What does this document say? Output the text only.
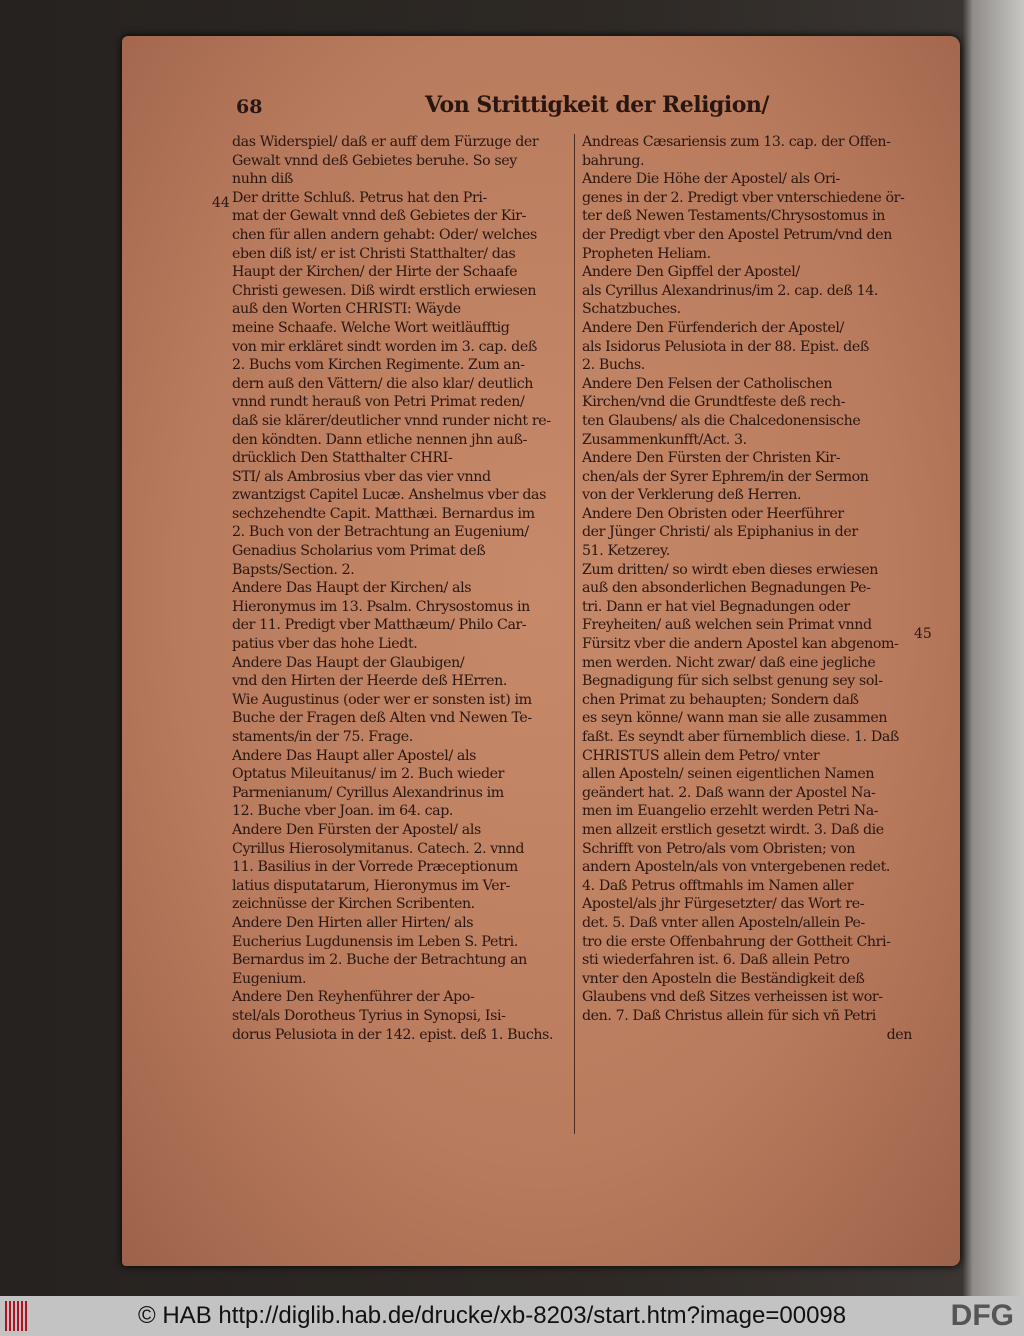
68	Von Strittigkeit der Religion/
44
45
das Widerspiel/ daß er auff dem Fürzuge der
Gewalt vnnd deß Gebietes beruhe. So sey
nuhn diß
Der dritte Schluß. Petrus hat den Pri-
mat der Gewalt vnnd deß Gebietes der Kir-
chen für allen andern gehabt: Oder/ welches
eben diß ist/ er ist Christi Statthalter/ das
Haupt der Kirchen/ der Hirte der Schaafe
Christi gewesen. Diß wirdt erstlich erwiesen
auß den Worten CHRISTI: Wäyde
meine Schaafe. Welche Wort weitläufftig
von mir erkläret sindt worden im 3. cap. deß
2. Buchs vom Kirchen Regimente. Zum an-
dern auß den Vättern/ die also klar/ deutlich
vnnd rundt herauß von Petri Primat reden/
daß sie klärer/deutlicher vnnd runder nicht re-
den köndten. Dann etliche nennen jhn auß-
drücklich Den Statthalter CHRI-
STI/ als Ambrosius vber das vier vnnd
zwantzigst Capitel Lucæ. Anshelmus vber das
sechzehendte Capit. Matthæi. Bernardus im
2. Buch von der Betrachtung an Eugenium/
Genadius Scholarius vom Primat deß
Bapsts/Section. 2.
Andere Das Haupt der Kirchen/ als
Hieronymus im 13. Psalm. Chrysostomus in
der 11. Predigt vber Matthæum/ Philo Car-
patius vber das hohe Liedt.
Andere Das Haupt der Glaubigen/
vnd den Hirten der Heerde deß HErren.
Wie Augustinus (oder wer er sonsten ist) im
Buche der Fragen deß Alten vnd Newen Te-
staments/in der 75. Frage.
Andere Das Haupt aller Apostel/ als
Optatus Mileuitanus/ im 2. Buch wieder
Parmenianum/ Cyrillus Alexandrinus im
12. Buche vber Joan. im 64. cap.
Andere Den Fürsten der Apostel/ als
Cyrillus Hierosolymitanus. Catech. 2. vnnd
11. Basilius in der Vorrede Præceptionum
latius disputatarum, Hieronymus im Ver-
zeichnüsse der Kirchen Scribenten.
Andere Den Hirten aller Hirten/ als
Eucherius Lugdunensis im Leben S. Petri.
Bernardus im 2. Buche der Betrachtung an
Eugenium.
Andere Den Reyhenführer der Apo-
stel/als Dorotheus Tyrius in Synopsi, Isi-
dorus Pelusiota in der 142. epist. deß 1. Buchs.
Andreas Cæsariensis zum 13. cap. der Offen-
bahrung.
Andere Die Höhe der Apostel/ als Ori-
genes in der 2. Predigt vber vnterschiedene ör-
ter deß Newen Testaments/Chrysostomus in
der Predigt vber den Apostel Petrum/vnd den
Propheten Heliam.
Andere Den Gipffel der Apostel/
als Cyrillus Alexandrinus/im 2. cap. deß 14.
Schatzbuches.
Andere Den Fürfenderich der Apostel/
als Isidorus Pelusiota in der 88. Epist. deß
2. Buchs.
Andere Den Felsen der Catholischen
Kirchen/vnd die Grundtfeste deß rech-
ten Glaubens/ als die Chalcedonensische
Zusammenkunfft/Act. 3.
Andere Den Fürsten der Christen Kir-
chen/als der Syrer Ephrem/in der Sermon
von der Verklerung deß Herren.
Andere Den Obristen oder Heerführer
der Jünger Christi/ als Epiphanius in der
51. Ketzerey.
Zum dritten/ so wirdt eben dieses erwiesen
auß den absonderlichen Begnadungen Pe-
tri. Dann er hat viel Begnadungen oder
Freyheiten/ auß welchen sein Primat vnnd
Fürsitz vber die andern Apostel kan abgenom-
men werden. Nicht zwar/ daß eine jegliche
Begnadigung für sich selbst genung sey sol-
chen Primat zu behaupten; Sondern daß
es seyn könne/ wann man sie alle zusammen
faßt. Es seyndt aber fürnemblich diese. 1. Daß
CHRISTUS allein dem Petro/ vnter
allen Aposteln/ seinen eigentlichen Namen
geändert hat. 2. Daß wann der Apostel Na-
men im Euangelio erzehlt werden Petri Na-
men allzeit erstlich gesetzt wirdt. 3. Daß die
Schrifft von Petro/als vom Obristen; von
andern Aposteln/als von vntergebenen redet.
4. Daß Petrus offtmahls im Namen aller
Apostel/als jhr Fürgesetzter/ das Wort re-
det. 5. Daß vnter allen Aposteln/allein Pe-
tro die erste Offenbahrung der Gottheit Chri-
sti wiederfahren ist. 6. Daß allein Petro
vnter den Aposteln die Beständigkeit deß
Glaubens vnd deß Sitzes verheissen ist wor-
den. 7. Daß Christus allein für sich vñ Petri
den
© HAB http://diglib.hab.de/drucke/xb-8203/start.htm?image=00098	DFG
